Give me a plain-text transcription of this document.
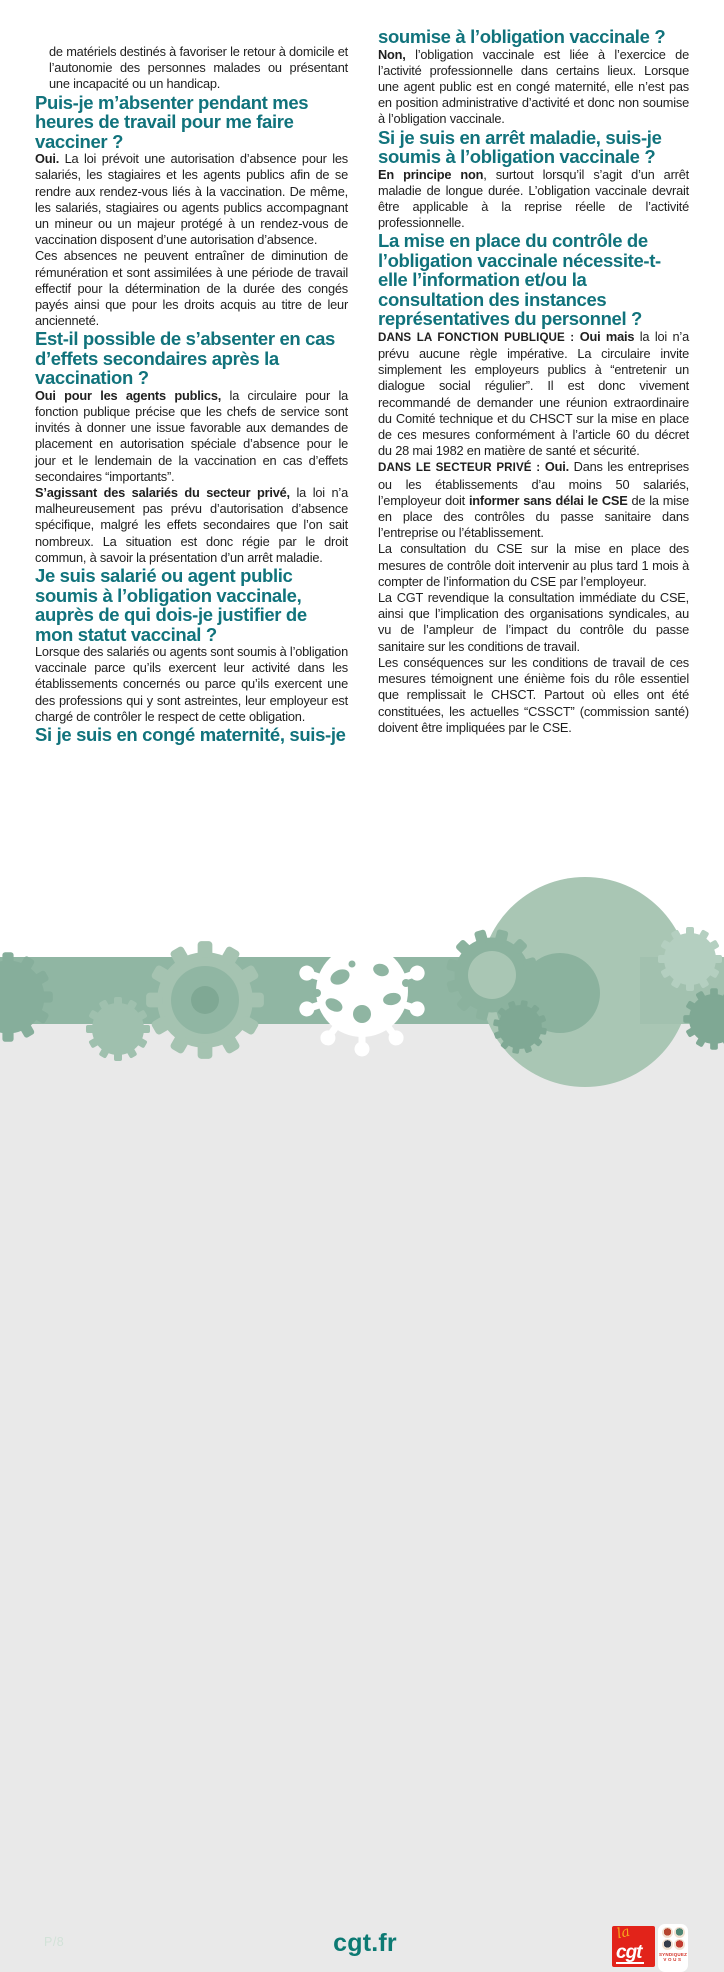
de matériels destinés à favoriser le retour à domicile et l’autonomie des personnes malades ou présentant une incapacité ou un handicap.

Puis-je m’absenter pendant mes heures de travail pour me faire vacciner ?

Oui. La loi prévoit une autorisation d’absence pour les salariés, les stagiaires et les agents publics afin de se rendre aux rendez-vous liés à la vaccination. De même, les salariés, stagiaires ou agents publics accompagnant un mineur ou un majeur protégé à un rendez-vous de vaccination disposent d’une autorisation d’absence.

Ces absences ne peuvent entraîner de diminution de rémunération et sont assimilées à une période de travail effectif pour la détermination de la durée des congés payés ainsi que pour les droits acquis au titre de leur ancienneté.

Est-il possible de s’absenter en cas d’effets secondaires après la vaccination ?

Oui pour les agents publics, la circulaire pour la fonction publique précise que les chefs de service sont invités à donner une issue favorable aux demandes de placement en autorisation spéciale d’absence pour le jour et le lendemain de la vaccination en cas d’effets secondaires “importants”.

S’agissant des salariés du secteur privé, la loi n’a malheureusement pas prévu d’autorisation d’absence spécifique, malgré les effets secondaires que l’on sait nombreux. La situation est donc régie par le droit commun, à savoir la présentation d’un arrêt maladie.

Je suis salarié ou agent public soumis à l’obligation vaccinale, auprès de qui dois-je justifier de mon statut vaccinal ?

Lorsque des salariés ou agents sont soumis à l’obligation vaccinale parce qu’ils exercent leur activité dans les établissements concernés ou parce qu’ils exercent une des professions qui y sont astreintes, leur employeur est chargé de contrôler le respect de cette obligation.

Si je suis en congé maternité, suis-je
soumise à l’obligation vaccinale ?

Non, l’obligation vaccinale est liée à l’exercice de l’activité professionnelle dans certains lieux. Lorsque une agent public est en congé maternité, elle n’est pas en position administrative d’activité et donc non soumise à l’obligation vaccinale.

Si je suis en arrêt maladie, suis-je soumis à l’obligation vaccinale ?

En principe non, surtout lorsqu’il s’agit d’un arrêt maladie de longue durée. L’obligation vaccinale devrait être applicable à la reprise réelle de l’activité professionnelle.

La mise en place du contrôle de l’obligation vaccinale nécessite-t-elle l’information et/ou la consultation des instances représentatives du personnel ?

DANS LA FONCTION PUBLIQUE : Oui mais la loi n’a prévu aucune règle impérative. La circulaire invite simplement les employeurs publics à “entretenir un dialogue social régulier”. Il est donc vivement recommandé de demander une réunion extraordinaire du Comité technique et du CHSCT sur la mise en place de ces mesures conformément à l’article 60 du décret du 28 mai 1982 en matière de santé et sécurité.

DANS LE SECTEUR PRIVÉ : Oui. Dans les entreprises ou les établissements d’au moins 50 salariés, l’employeur doit informer sans délai le CSE de la mise en place des contrôles du passe sanitaire dans l’entreprise ou l’établissement.

La consultation du CSE sur la mise en place des mesures de contrôle doit intervenir au plus tard 1 mois à compter de l’information du CSE par l’employeur.

La CGT revendique la consultation immédiate du CSE, ainsi que l’implication des organisations syndicales, au vu de l’ampleur de l’impact du contrôle du passe sanitaire sur les conditions de travail.

Les conséquences sur les conditions de travail de ces mesures témoignent une énième fois du rôle essentiel que remplissait le CHSCT. Partout où elles ont été constituées, les actuelles “CSSCT” (commission santé) doivent être impliquées par le CSE.

P/8	cgt.fr	la
cgt	SYNDIQUEZ
VOUS
